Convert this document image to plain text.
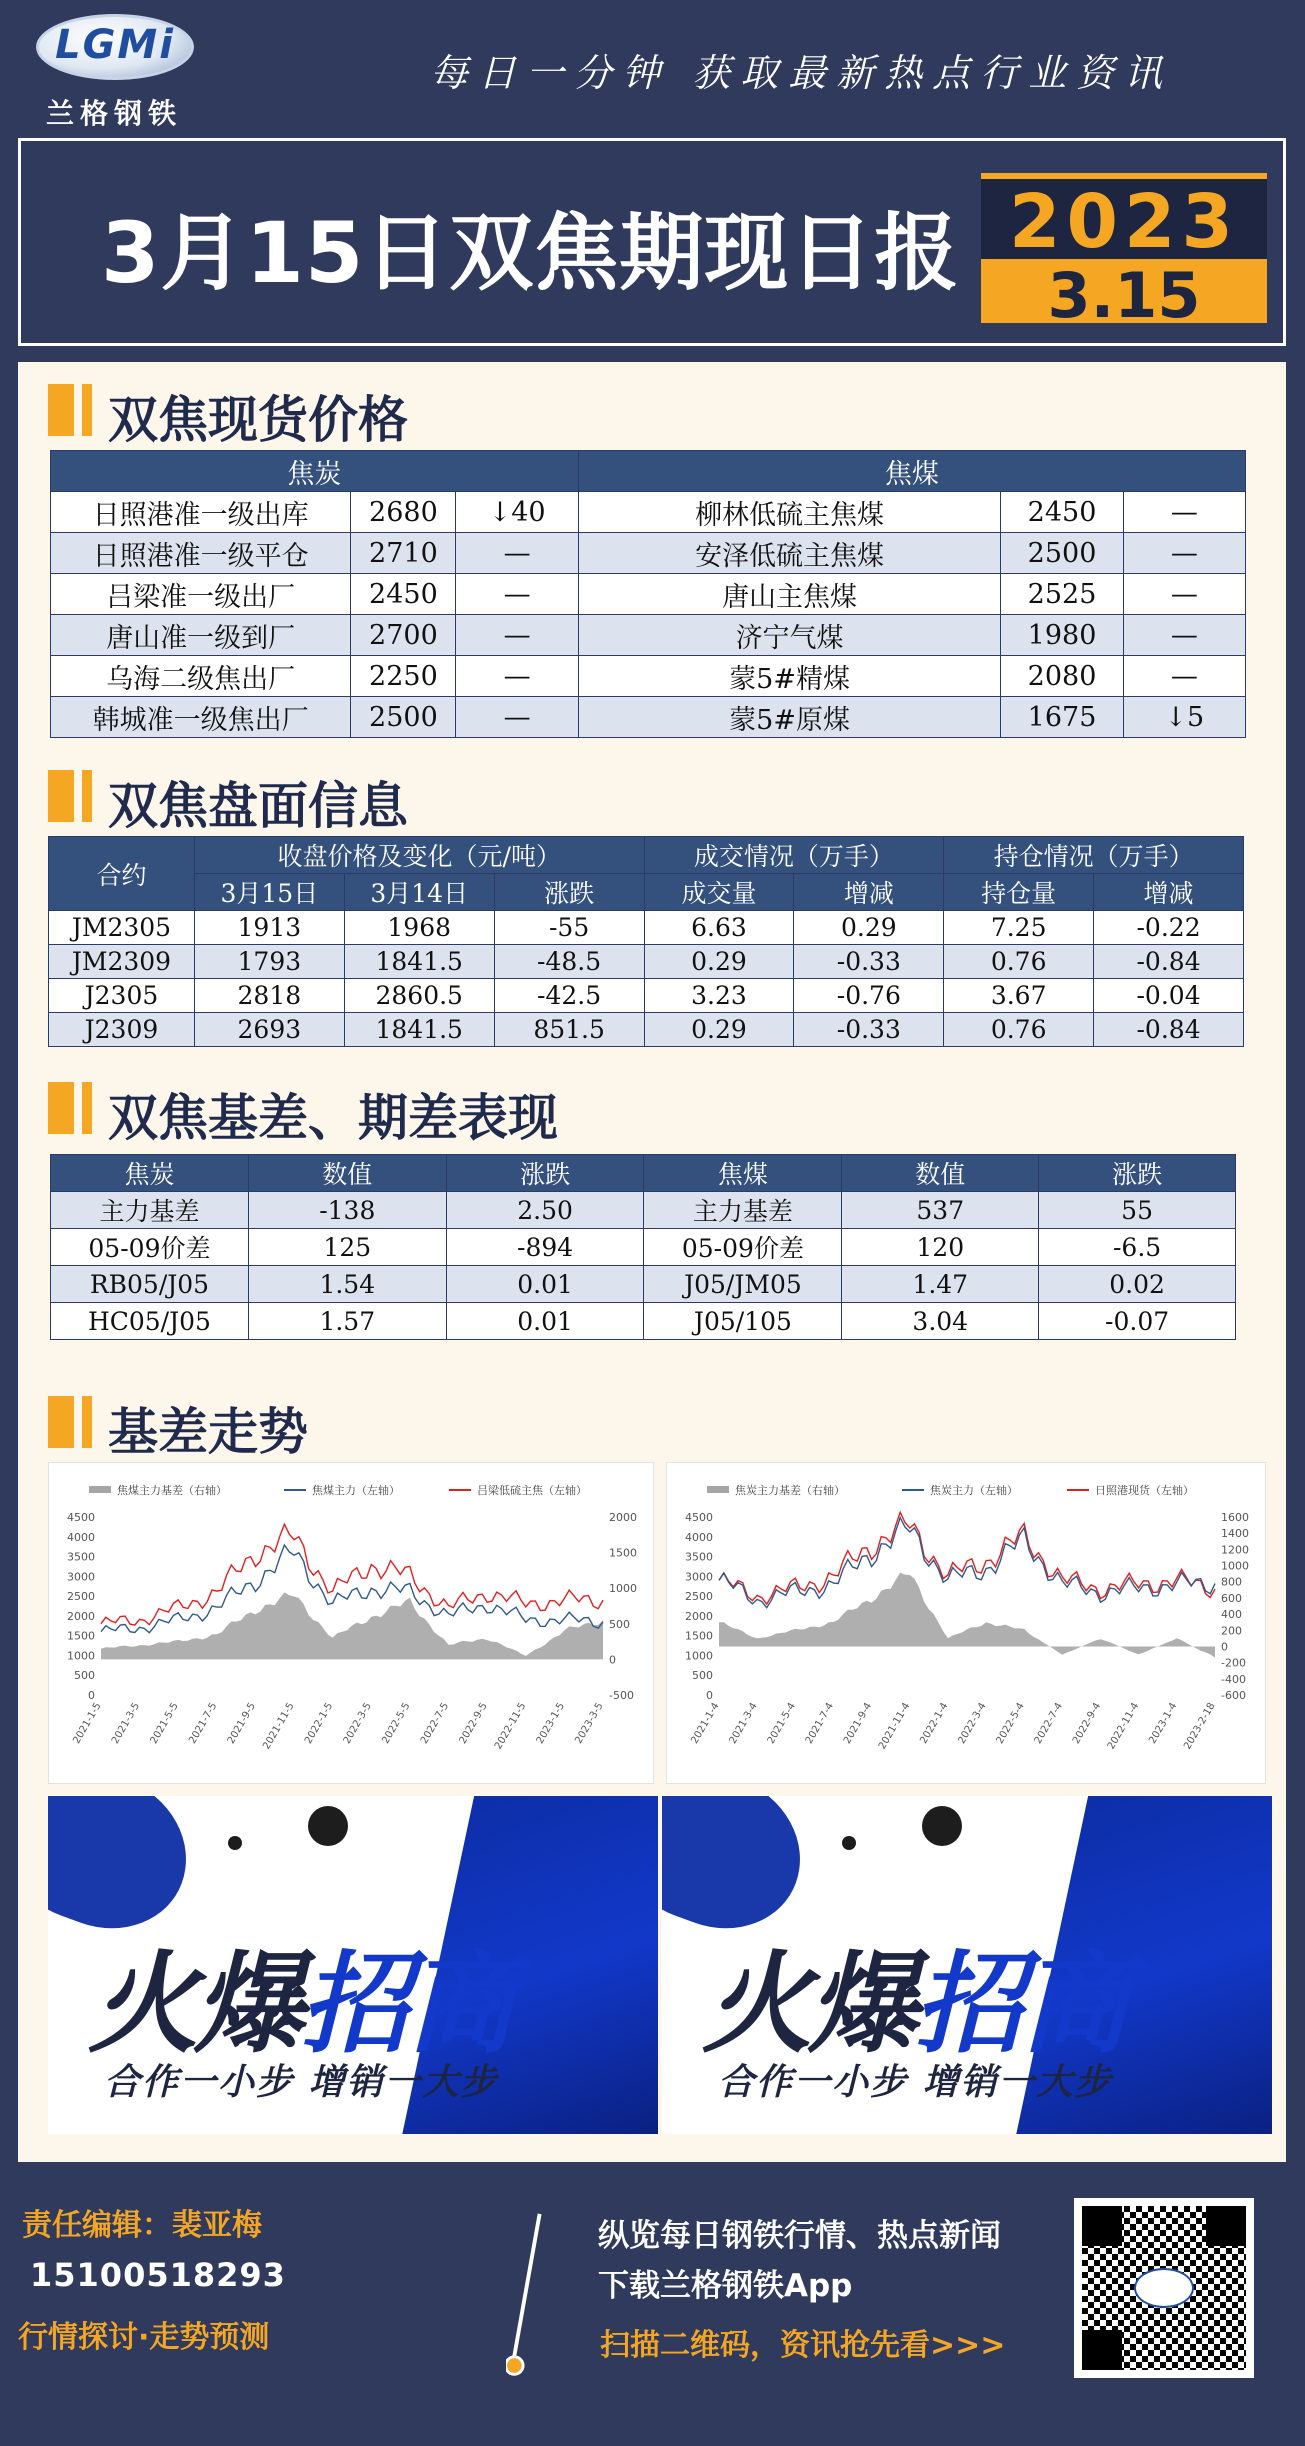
LGMi
兰格钢铁
每日一分钟 获取最新热点行业资讯
3月15日双焦期现日报 2023
3.15
双焦现货价格
焦炭			焦煤		
日照港准一级出库	2680	↓40	柳林低硫主焦煤	2450	—
日照港准一级平仓	2710	—	安泽低硫主焦煤	2500	—
吕梁准一级出厂	2450	—	唐山主焦煤	2525	—
唐山准一级到厂	2700	—	济宁气煤	1980	—
乌海二级焦出厂	2250	—	蒙5#精煤	2080	—
韩城准一级焦出厂	2500	—	蒙5#原煤	1675	↓5
双焦盘面信息
合约	收盘价格及变化（元/吨）			成交情况（万手）		持仓情况（万手）	
	3月15日	3月14日	涨跌	成交量	增减	持仓量	增减
JM2305	1913	1968	-55	6.63	0.29	7.25	-0.22
JM2309	1793	1841.5	-48.5	0.29	-0.33	0.76	-0.84
J2305	2818	2860.5	-42.5	3.23	-0.76	3.67	-0.04
J2309	2693	1841.5	851.5	0.29	-0.33	0.76	-0.84
双焦基差、期差表现
焦炭	数值	涨跌	焦煤	数值	涨跌
主力基差	-138	2.50	主力基差	537	55
05-09价差	125	-894	05-09价差	120	-6.5
RB05/J05	1.54	0.01	J05/JM05	1.47	0.02
HC05/J05	1.57	0.01	J05/105	3.04	-0.07
基差走势
焦煤主力基差（右轴）	焦煤主力（左轴）	吕梁低硫主焦（左轴）
0
500
1000
1500
2000
2500
3000
3500
4000
4500
-500
0
500
1000
1500
2000
2021-1-5 2021-3-5 2021-5-5 2021-7-5 2021-9-5 2021-11-5 2022-1-5 2022-3-5 2022-5-5 2022-7-5 2022-9-5 2022-11-5 2023-1-5 2023-3-5
焦炭主力基差（右轴）	焦炭主力（左轴）	日照港现货（左轴）
0
500
1000
1500
2000
2500
3000
3500
4000
4500
-600
-400
-200
0
200
400
600
800
1000
1200
1400
1600
2021-1-4 2021-3-4 2021-5-4 2021-7-4 2021-9-4 2021-11-4 2022-1-4 2022-3-4 2022-5-4 2022-7-4 2022-9-4 2022-11-4 2023-1-4 2023-2-18
火爆招商
合作一小步 增销一大步
火爆招商
合作一小步 增销一大步
责任编辑：裴亚梅
15100518293
行情探讨·走势预测
纵览每日钢铁行情、热点新闻
下载兰格钢铁App
扫描二维码，资讯抢先看>>>
